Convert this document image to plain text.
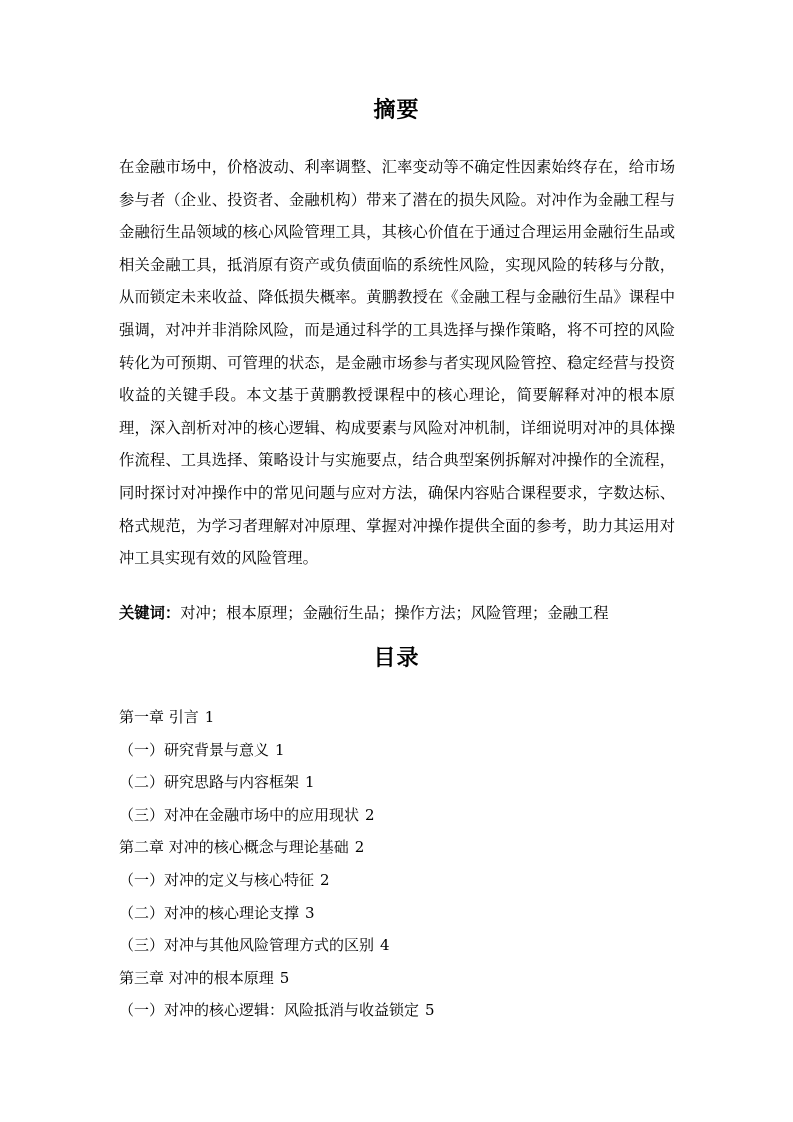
摘要
在金融市场中，价格波动、利率调整、汇率变动等不确定性因素始终存在，给市场参与者（企业、投资者、金融机构）带来了潜在的损失风险。对冲作为金融工程与金融衍生品领域的核心风险管理工具，其核心价值在于通过合理运用金融衍生品或相关金融工具，抵消原有资产或负债面临的系统性风险，实现风险的转移与分散，从而锁定未来收益、降低损失概率。黄鹏教授在《金融工程与金融衍生品》课程中强调，对冲并非消除风险，而是通过科学的工具选择与操作策略，将不可控的风险转化为可预期、可管理的状态，是金融市场参与者实现风险管控、稳定经营与投资收益的关键手段。本文基于黄鹏教授课程中的核心理论，简要解释对冲的根本原理，深入剖析对冲的核心逻辑、构成要素与风险对冲机制，详细说明对冲的具体操作流程、工具选择、策略设计与实施要点，结合典型案例拆解对冲操作的全流程，同时探讨对冲操作中的常见问题与应对方法，确保内容贴合课程要求，字数达标、格式规范，为学习者理解对冲原理、掌握对冲操作提供全面的参考，助力其运用对冲工具实现有效的风险管理。
关键词：对冲；根本原理；金融衍生品；操作方法；风险管理；金融工程
目录
第一章 引言 1
（一）研究背景与意义 1
（二）研究思路与内容框架 1
（三）对冲在金融市场中的应用现状 2
第二章 对冲的核心概念与理论基础 2
（一）对冲的定义与核心特征 2
（二）对冲的核心理论支撑 3
（三）对冲与其他风险管理方式的区别 4
第三章 对冲的根本原理 5
（一）对冲的核心逻辑：风险抵消与收益锁定 5
